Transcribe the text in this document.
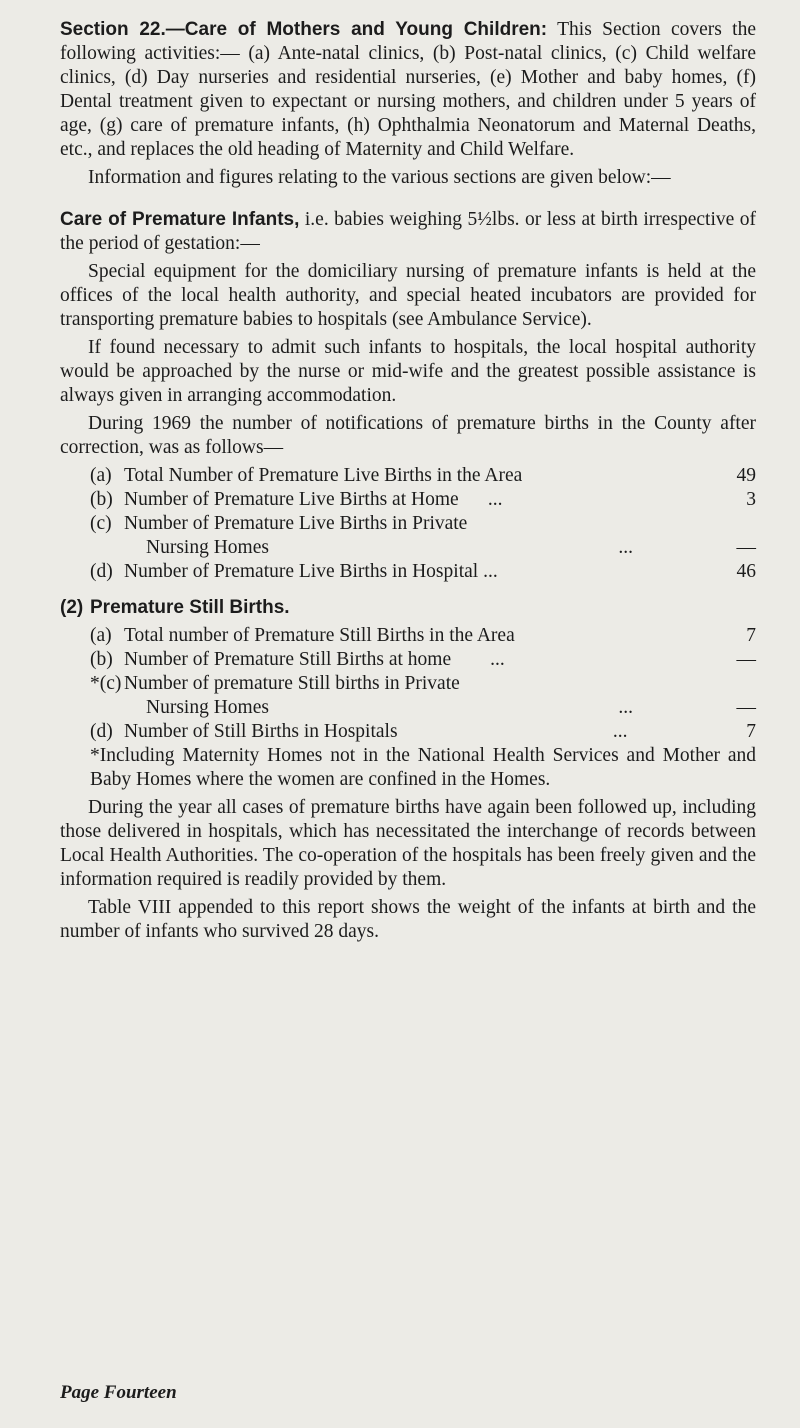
Section 22.—Care of Mothers and Young Children: This Section covers the following activities:— (a) Ante-natal clinics, (b) Post-natal clinics, (c) Child welfare clinics, (d) Day nurseries and residential nurseries, (e) Mother and baby homes, (f) Dental treatment given to expectant or nursing mothers, and children under 5 years of age, (g) care of premature infants, (h) Ophthalmia Neonatorum and Maternal Deaths, etc., and replaces the old heading of Maternity and Child Welfare.

Information and figures relating to the various sections are given below:—

Care of Premature Infants, i.e. babies weighing 5½lbs. or less at birth irrespective of the period of gestation:—

Special equipment for the domiciliary nursing of premature infants is held at the offices of the local health authority, and special heated incubators are provided for transporting premature babies to hospitals (see Ambulance Service).

If found necessary to admit such infants to hospitals, the local hospital authority would be approached by the nurse or mid-wife and the greatest possible assistance is always given in arranging accommodation.

During 1969 the number of notifications of premature births in the County after correction, was as follows—

(a) Total Number of Premature Live Births in the Area	49
(b) Number of Premature Live Births at Home ...	3
(c) Number of Premature Live Births in Private
Nursing Homes	...	—
(d) Number of Premature Live Births in Hospital ...	46
(2) Premature Still Births.
(a) Total number of Premature Still Births in the Area	7
(b) Number of Premature Still Births at home ...	—
*(c) Number of premature Still births in Private
Nursing Homes	...	—
(d) Number of Still Births in Hospitals	...	7

*Including Maternity Homes not in the National Health Services and Mother and Baby Homes where the women are confined in the Homes.

During the year all cases of premature births have again been followed up, including those delivered in hospitals, which has necessitated the interchange of records between Local Health Authorities. The co-operation of the hospitals has been freely given and the information required is readily provided by them.

Table VIII appended to this report shows the weight of the infants at birth and the number of infants who survived 28 days.

Page Fourteen
